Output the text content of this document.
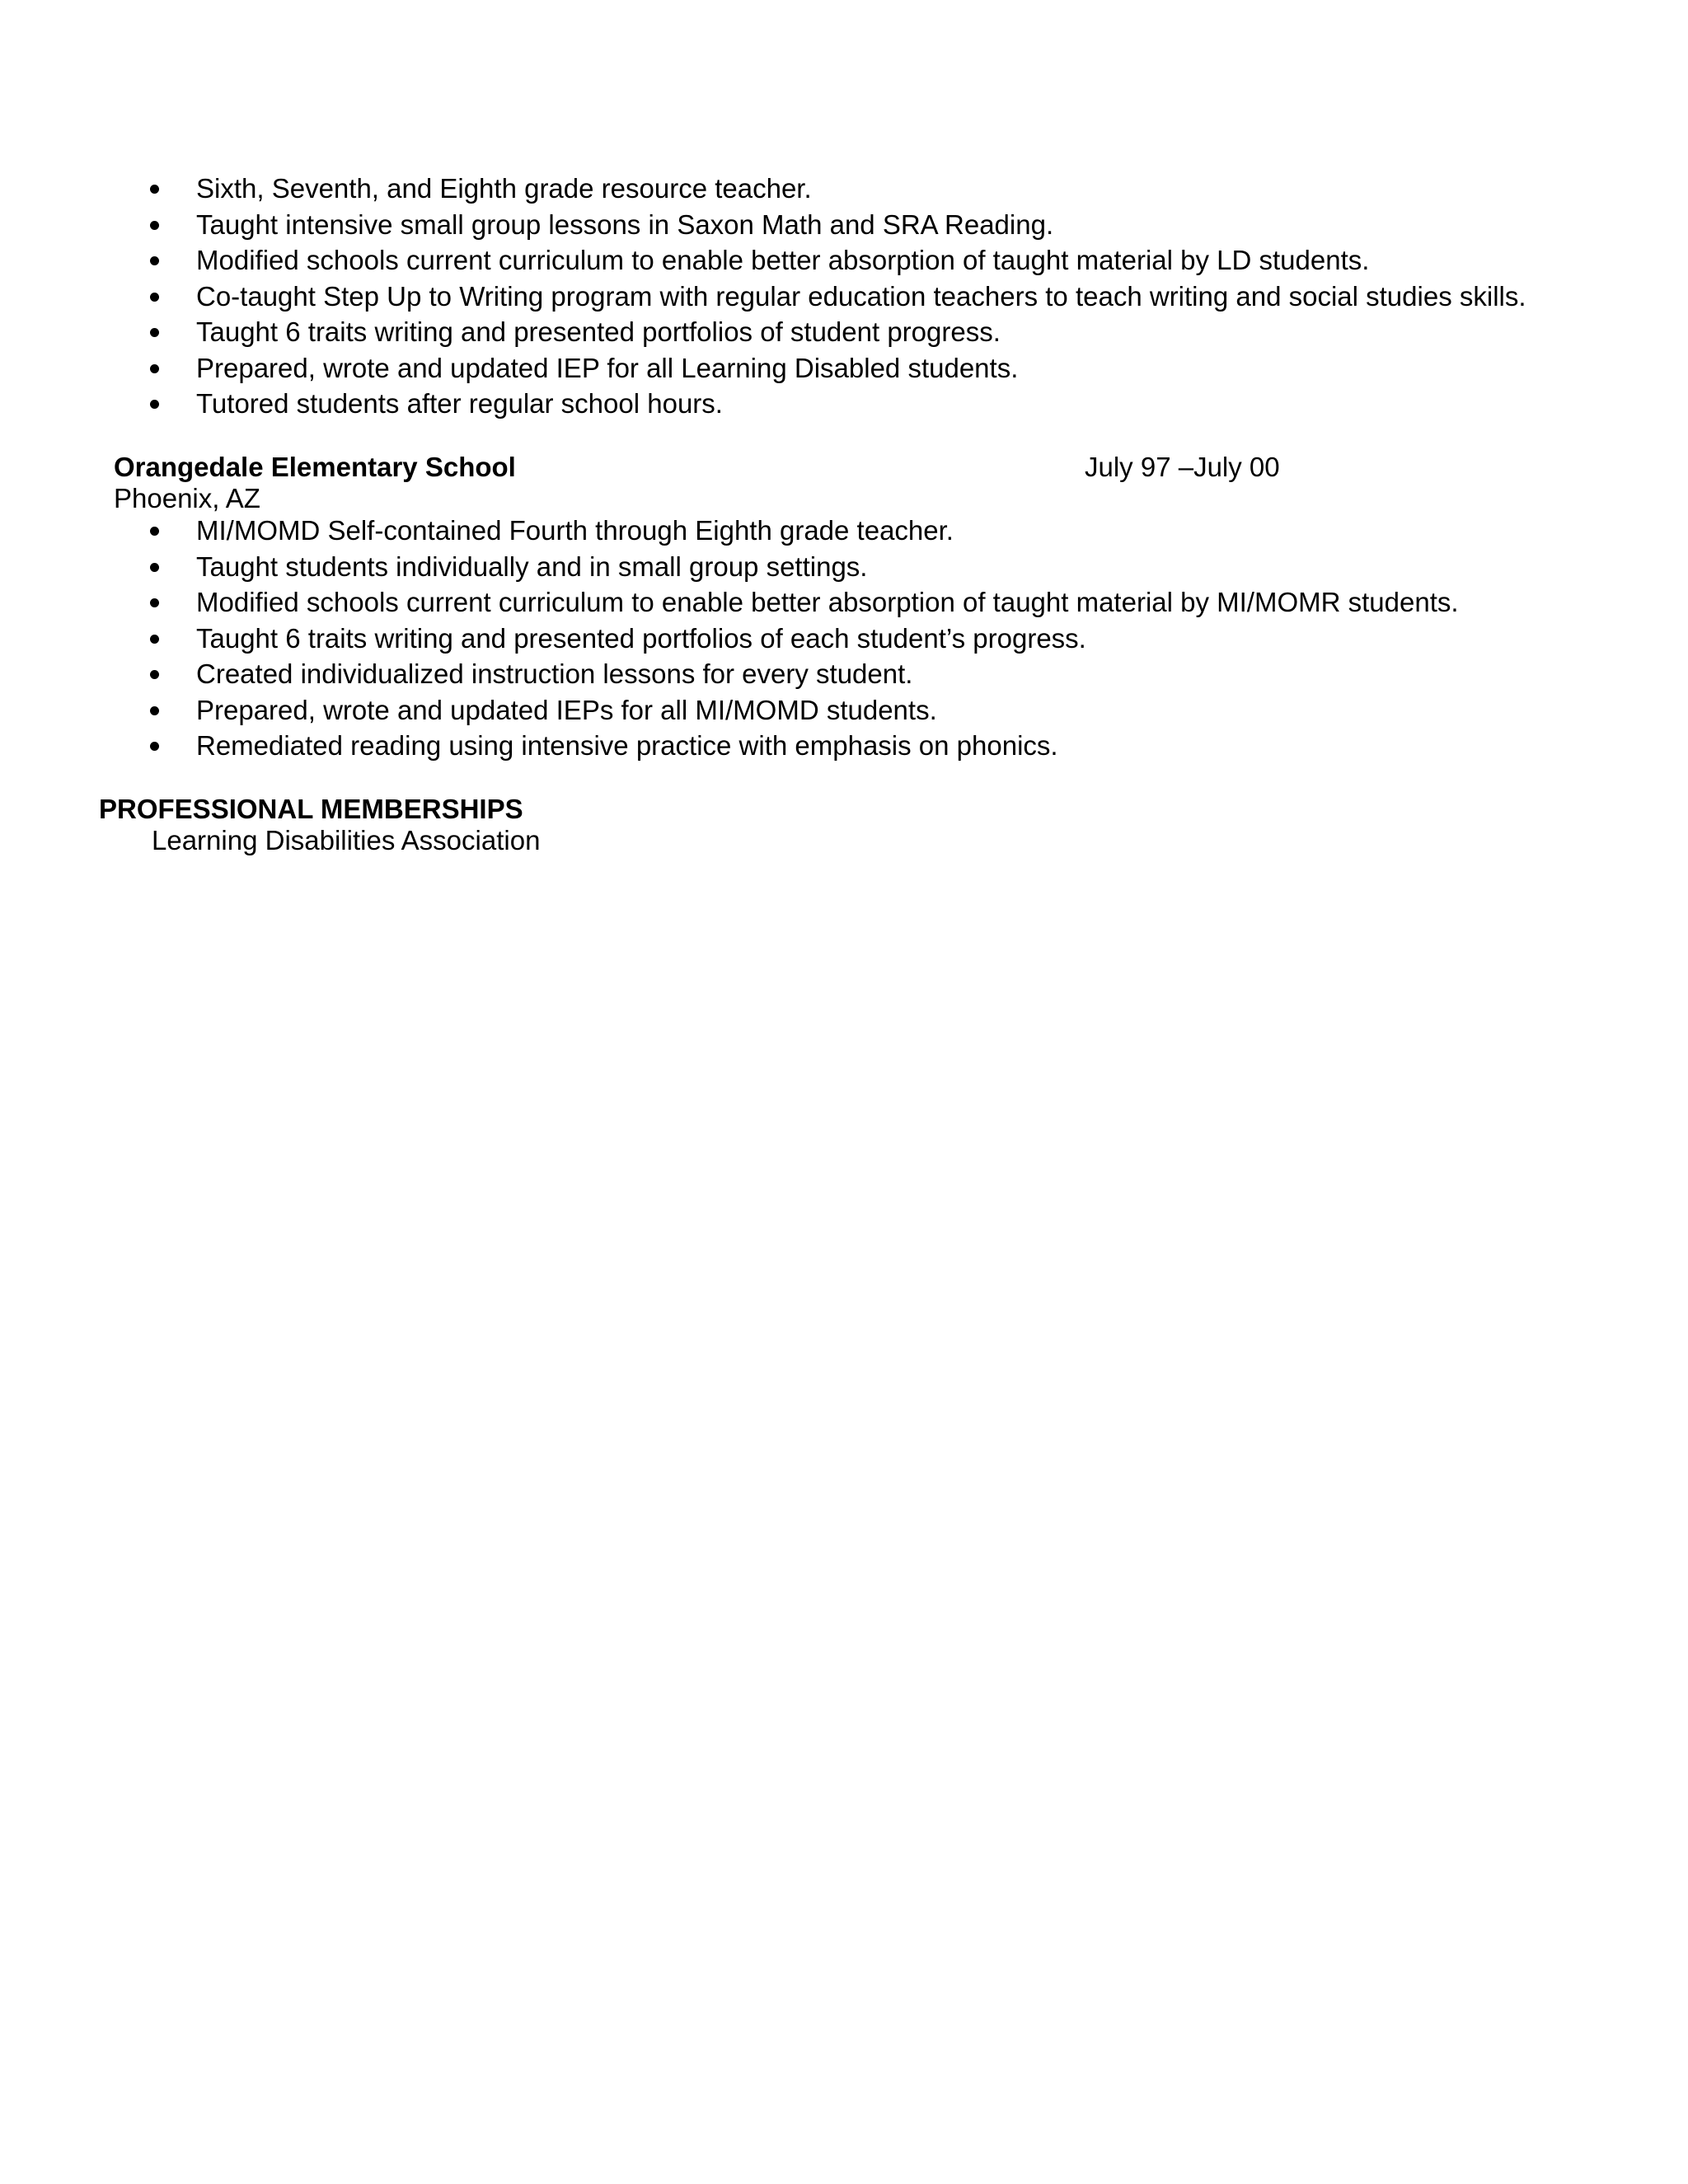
Sixth, Seventh, and Eighth grade resource teacher.
Taught intensive small group lessons in Saxon Math and SRA Reading.
Modified schools current curriculum to enable better absorption of taught material by LD students.
Co-taught Step Up to Writing program with regular education teachers to teach writing and social studies skills.
Taught 6 traits writing and presented portfolios of student progress.
Prepared, wrote and updated IEP for all Learning Disabled students.
Tutored students after regular school hours.
Orangedale Elementary School	July 97 –July 00
Phoenix, AZ
MI/MOMD Self-contained Fourth through Eighth grade teacher.
Taught students individually and in small group settings.
Modified schools current curriculum to enable better absorption of taught material by MI/MOMR students.
Taught 6 traits writing and presented portfolios of each student’s progress.
Created individualized instruction lessons for every student.
Prepared, wrote and updated IEPs for all MI/MOMD students.
Remediated reading using intensive practice with emphasis on phonics.
PROFESSIONAL MEMBERSHIPS
Learning Disabilities Association
